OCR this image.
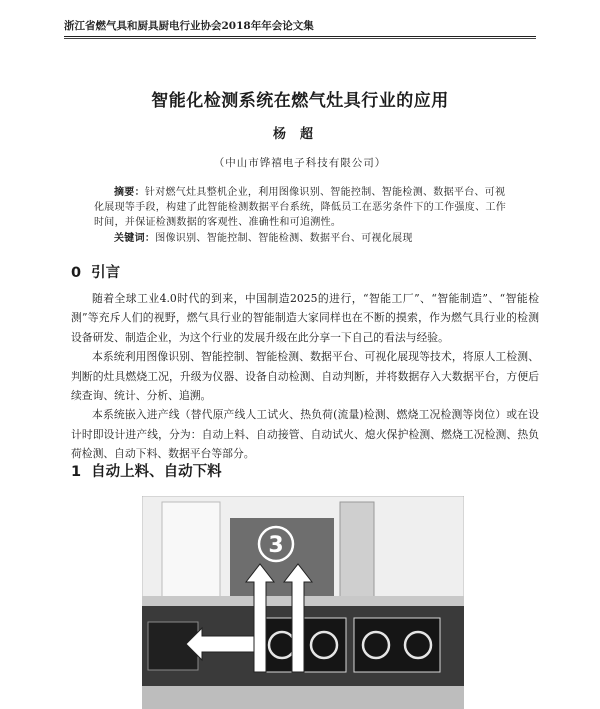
浙江省燃气具和厨具厨电行业协会2018年年会论文集
智能化检测系统在燃气灶具行业的应用
杨超
（中山市铧禧电子科技有限公司）
摘要：针对燃气灶具整机企业，利用图像识别、智能控制、智能检测、数据平台、可视化展现等手段，构建了此智能检测数据平台系统，降低员工在恶劣条件下的工作强度、工作时间，并保证检测数据的客观性、准确性和可追溯性。
关键词：图像识别、智能控制、智能检测、数据平台、可视化展现
0 引言

随着全球工业4.0时代的到来，中国制造2025的进行，“智能工厂”、“智能制造”、“智能检测”等充斥人们的视野，燃气具行业的智能制造大家同样也在不断的摸索，作为燃气具行业的检测设备研发、制造企业，为这个行业的发展升级在此分享一下自己的看法与经验。

本系统利用图像识别、智能控制、智能检测、数据平台、可视化展现等技术，将原人工检测、判断的灶具燃烧工况，升级为仪器、设备自动检测、自动判断，并将数据存入大数据平台，方便后续查询、统计、分析、追溯。

本系统嵌入进产线（替代原产线人工试火、热负荷(流量)检测、燃烧工况检测等岗位）或在设计时即设计进产线，分为：自动上料、自动接管、自动试火、熄火保护检测、燃烧工况检测、热负荷检测、自动下料、数据平台等部分。

1 自动上料、自动下料
3
